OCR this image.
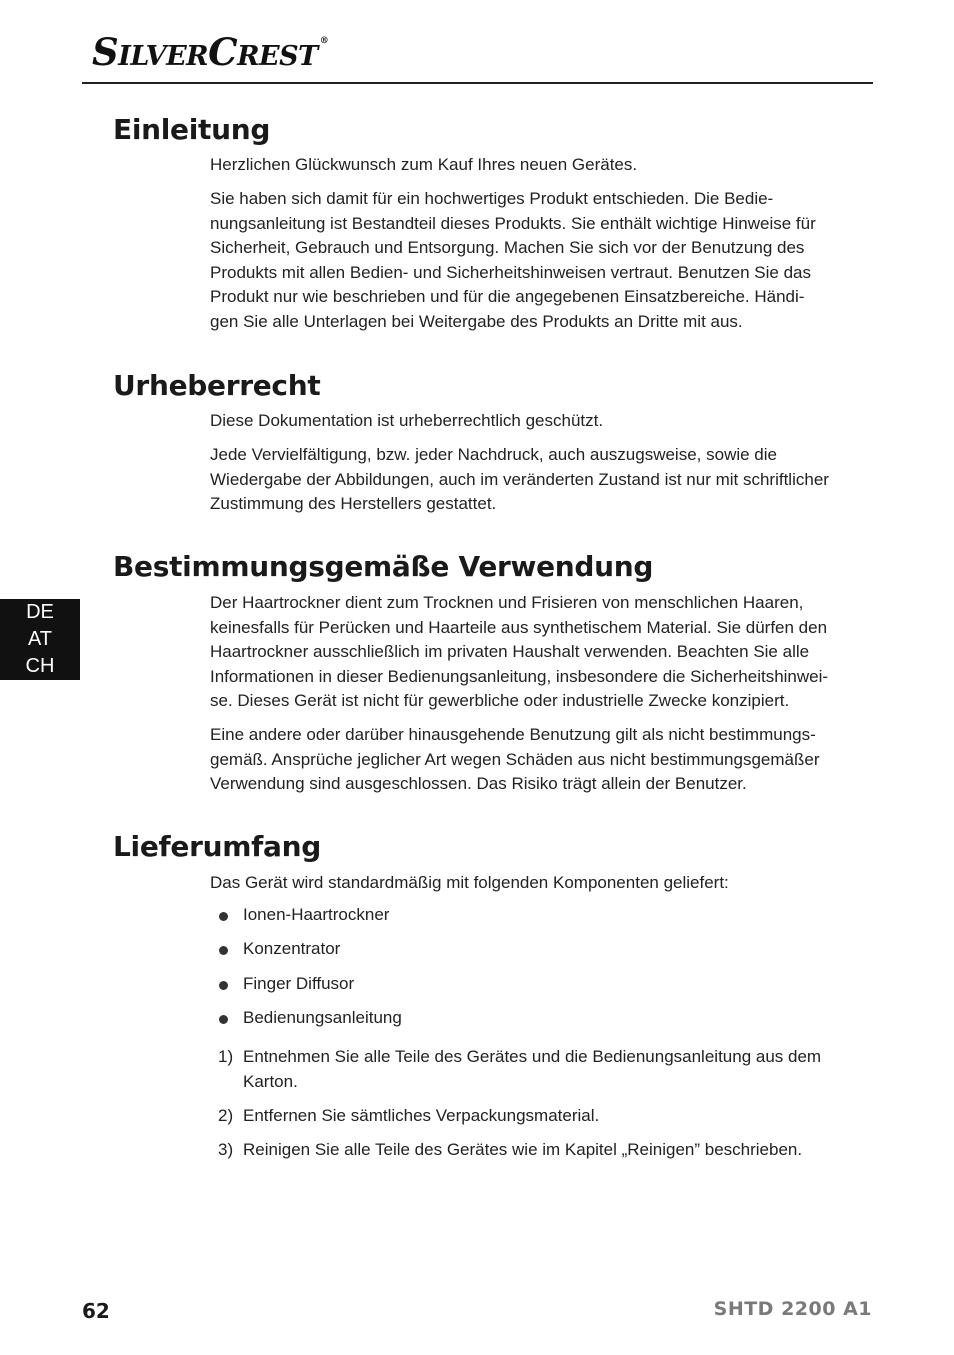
SILVERCREST ®
Einleitung

Herzlichen Glückwunsch zum Kauf Ihres neuen Gerätes.

Sie haben sich damit für ein hochwertiges Produkt entschieden. Die Bedie-
nungsanleitung ist Bestandteil dieses Produkts. Sie enthält wichtige Hinweise für
Sicherheit, Gebrauch und Entsorgung. Machen Sie sich vor der Benutzung des
Produkts mit allen Bedien- und Sicherheitshinweisen vertraut. Benutzen Sie das
Produkt nur wie beschrieben und für die angegebenen Einsatzbereiche. Händi-
gen Sie alle Unterlagen bei Weitergabe des Produkts an Dritte mit aus.

Urheberrecht

Diese Dokumentation ist urheberrechtlich geschützt.

Jede Vervielfältigung, bzw. jeder Nachdruck, auch auszugsweise, sowie die
Wiedergabe der Abbildungen, auch im veränderten Zustand ist nur mit schriftlicher
Zustimmung des Herstellers gestattet.

Bestimmungsgemäße Verwendung

Der Haartrockner dient zum Trocknen und Frisieren von menschlichen Haaren,
keinesfalls für Perücken und Haarteile aus synthetischem Material. Sie dürfen den
Haartrockner ausschließlich im privaten Haushalt verwenden. Beachten Sie alle
Informationen in dieser Bedienungsanleitung, insbesondere die Sicherheitshinwei-
se. Dieses Gerät ist nicht für gewerbliche oder industrielle Zwecke konzipiert.

Eine andere oder darüber hinausgehende Benutzung gilt als nicht bestimmungs-
gemäß. Ansprüche jeglicher Art wegen Schäden aus nicht bestimmungsgemäßer
Verwendung sind ausgeschlossen. Das Risiko trägt allein der Benutzer.

DE
AT
CH
Lieferumfang

Das Gerät wird standardmäßig mit folgenden Komponenten geliefert:

Ionen-Haartrockner
Konzentrator
Finger Diffusor
Bedienungsanleitung
1) Entnehmen Sie alle Teile des Gerätes und die Bedienungsanleitung aus dem
Karton.
2) Entfernen Sie sämtliches Verpackungsmaterial.
3) Reinigen Sie alle Teile des Gerätes wie im Kapitel „Reinigen” beschrieben.
62	SHTD 2200 A1
